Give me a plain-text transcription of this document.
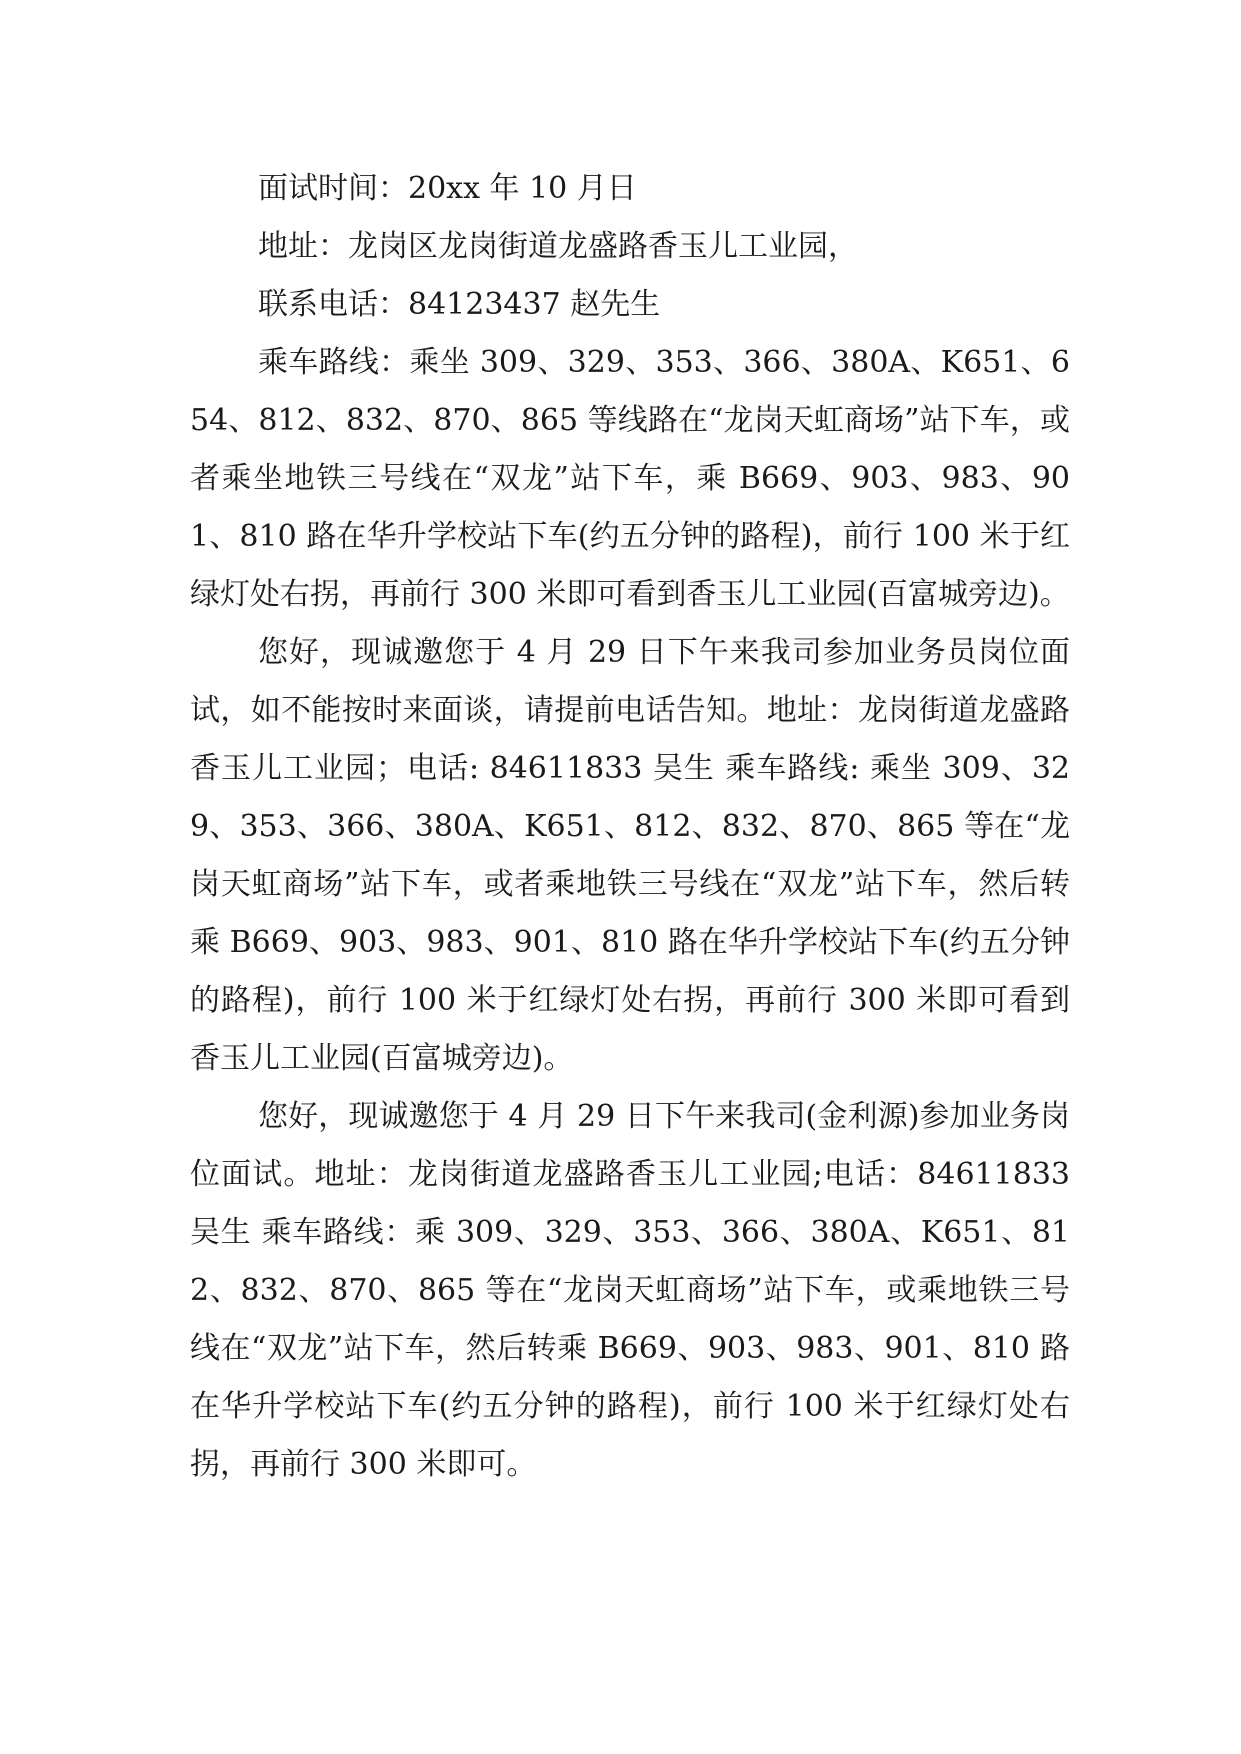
面试时间：20xx 年 10 月日

地址：龙岗区龙岗街道龙盛路香玉儿工业园，

联系电话：84123437 赵先生

乘车路线：乘坐 309、329、353、366、380A、K651、654、812、832、870、865 等线路在“龙岗天虹商场”站下车，或者乘坐地铁三号线在“双龙”站下车，乘 B669、903、983、901、810 路在华升学校站下车(约五分钟的路程)，前行 100 米于红绿灯处右拐，再前行 300 米即可看到香玉儿工业园(百富城旁边)。

您好，现诚邀您于 4 月 29 日下午来我司参加业务员岗位面试，如不能按时来面谈，请提前电话告知。地址：龙岗街道龙盛路香玉儿工业园；电话: 84611833 吴生 乘车路线: 乘坐 309、329、353、366、380A、K651、812、832、870、865 等在“龙岗天虹商场”站下车，或者乘地铁三号线在“双龙”站下车，然后转乘 B669、903、983、901、810 路在华升学校站下车(约五分钟的路程)，前行 100 米于红绿灯处右拐，再前行 300 米即可看到香玉儿工业园(百富城旁边)。

您好，现诚邀您于 4 月 29 日下午来我司(金利源)参加业务岗位面试。地址：龙岗街道龙盛路香玉儿工业园;电话：84611833 吴生 乘车路线：乘 309、329、353、366、380A、K651、812、832、870、865 等在“龙岗天虹商场”站下车，或乘地铁三号线在“双龙”站下车，然后转乘 B669、903、983、901、810 路在华升学校站下车(约五分钟的路程)，前行 100 米于红绿灯处右拐，再前行 300 米即可。
